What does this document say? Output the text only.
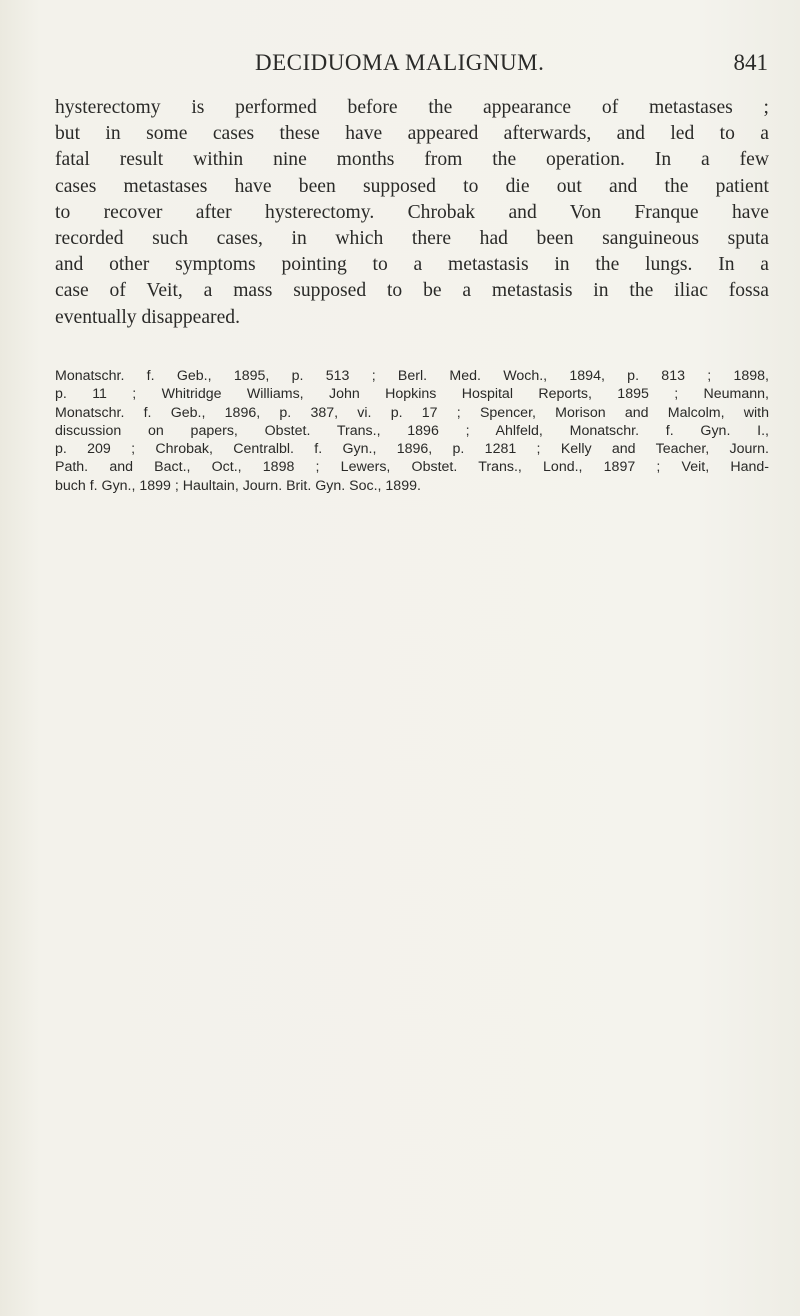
DECIDUOMA MALIGNUM.	841
hysterectomy is performed before the appearance of metastases ;
but in some cases these have appeared afterwards, and led to a
fatal result within nine months from the operation. In a few
cases metastases have been supposed to die out and the patient
to recover after hysterectomy. Chrobak and Von Franque have
recorded such cases, in which there had been sanguineous sputa
and other symptoms pointing to a metastasis in the lungs. In a
case of Veit, a mass supposed to be a metastasis in the iliac fossa
eventually disappeared.
Monatschr. f. Geb., 1895, p. 513 ; Berl. Med. Woch., 1894, p. 813 ; 1898,
p. 11 ; Whitridge Williams, John Hopkins Hospital Reports, 1895 ; Neumann,
Monatschr. f. Geb., 1896, p. 387, vi. p. 17 ; Spencer, Morison and Malcolm, with
discussion on papers, Obstet. Trans., 1896 ; Ahlfeld, Monatschr. f. Gyn. I.,
p. 209 ; Chrobak, Centralbl. f. Gyn., 1896, p. 1281 ; Kelly and Teacher, Journ.
Path. and Bact., Oct., 1898 ; Lewers, Obstet. Trans., Lond., 1897 ; Veit, Hand-
buch f. Gyn., 1899 ; Haultain, Journ. Brit. Gyn. Soc., 1899.
